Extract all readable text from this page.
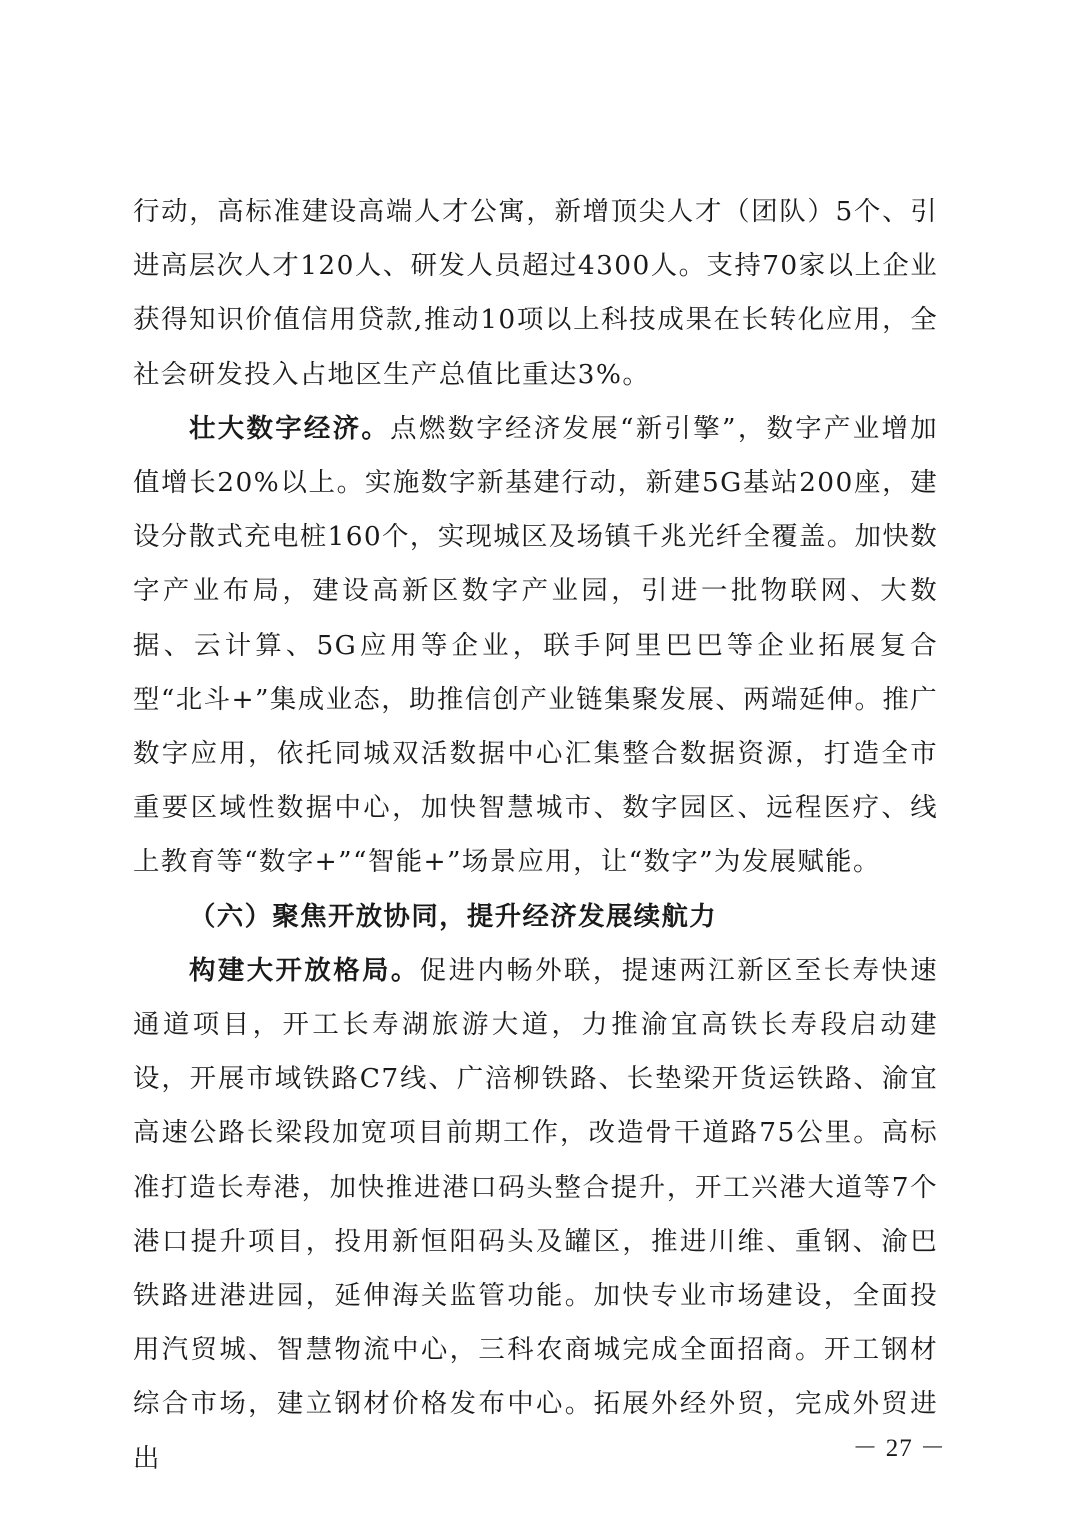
行动，高标准建设高端人才公寓，新增顶尖人才（团队）5个、引进高层次人才120人、研发人员超过4300人。支持70家以上企业获得知识价值信用贷款,推动10项以上科技成果在长转化应用，全社会研发投入占地区生产总值比重达3%。

壮大数字经济。点燃数字经济发展“新引擎”，数字产业增加值增长20%以上。实施数字新基建行动，新建5G基站200座，建设分散式充电桩160个，实现城区及场镇千兆光纤全覆盖。加快数字产业布局，建设高新区数字产业园，引进一批物联网、大数据、云计算、5G应用等企业，联手阿里巴巴等企业拓展复合型“北斗+”集成业态，助推信创产业链集聚发展、两端延伸。推广数字应用，依托同城双活数据中心汇集整合数据资源，打造全市重要区域性数据中心，加快智慧城市、数字园区、远程医疗、线上教育等“数字+”“智能+”场景应用，让“数字”为发展赋能。

（六）聚焦开放协同，提升经济发展续航力

构建大开放格局。促进内畅外联，提速两江新区至长寿快速通道项目，开工长寿湖旅游大道，力推渝宜高铁长寿段启动建设，开展市域铁路C7线、广涪柳铁路、长垫梁开货运铁路、渝宜高速公路长梁段加宽项目前期工作，改造骨干道路75公里。高标准打造长寿港，加快推进港口码头整合提升，开工兴港大道等7个港口提升项目，投用新恒阳码头及罐区，推进川维、重钢、渝巴铁路进港进园，延伸海关监管功能。加快专业市场建设，全面投用汽贸城、智慧物流中心，三科农商城完成全面招商。开工钢材综合市场，建立钢材价格发布中心。拓展外经外贸，完成外贸进出	－ 27 －
